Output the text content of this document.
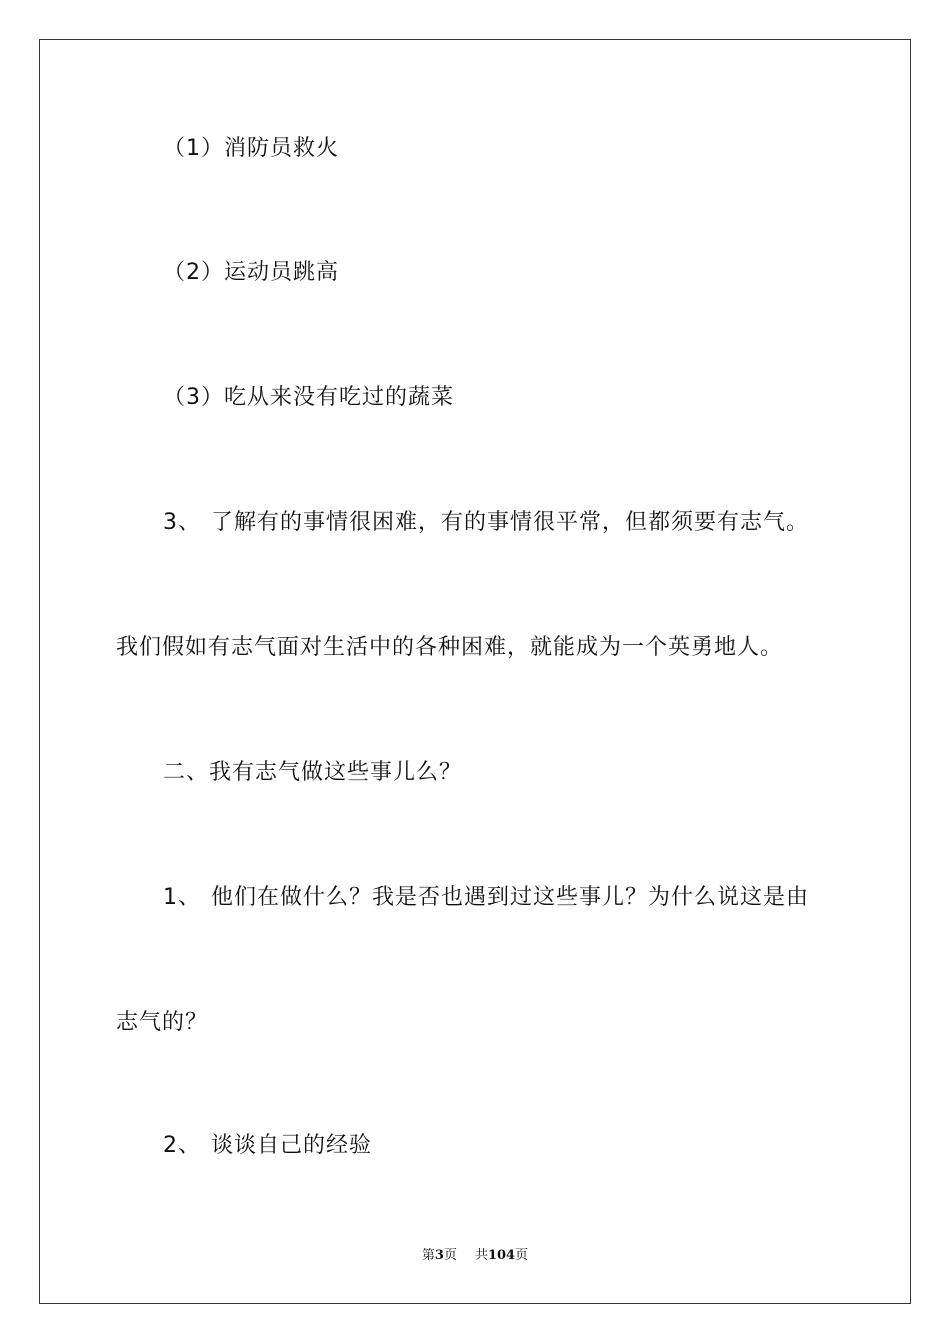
（1）消防员救火
（2）运动员跳高
（3）吃从来没有吃过的蔬菜
3、 了解有的事情很困难，有的事情很平常，但都须要有志气。
我们假如有志气面对生活中的各种困难，就能成为一个英勇地人。
二、我有志气做这些事儿么？
1、 他们在做什么？我是否也遇到过这些事儿？为什么说这是由
志气的？
2、 谈谈自己的经验
第3页 共104页
